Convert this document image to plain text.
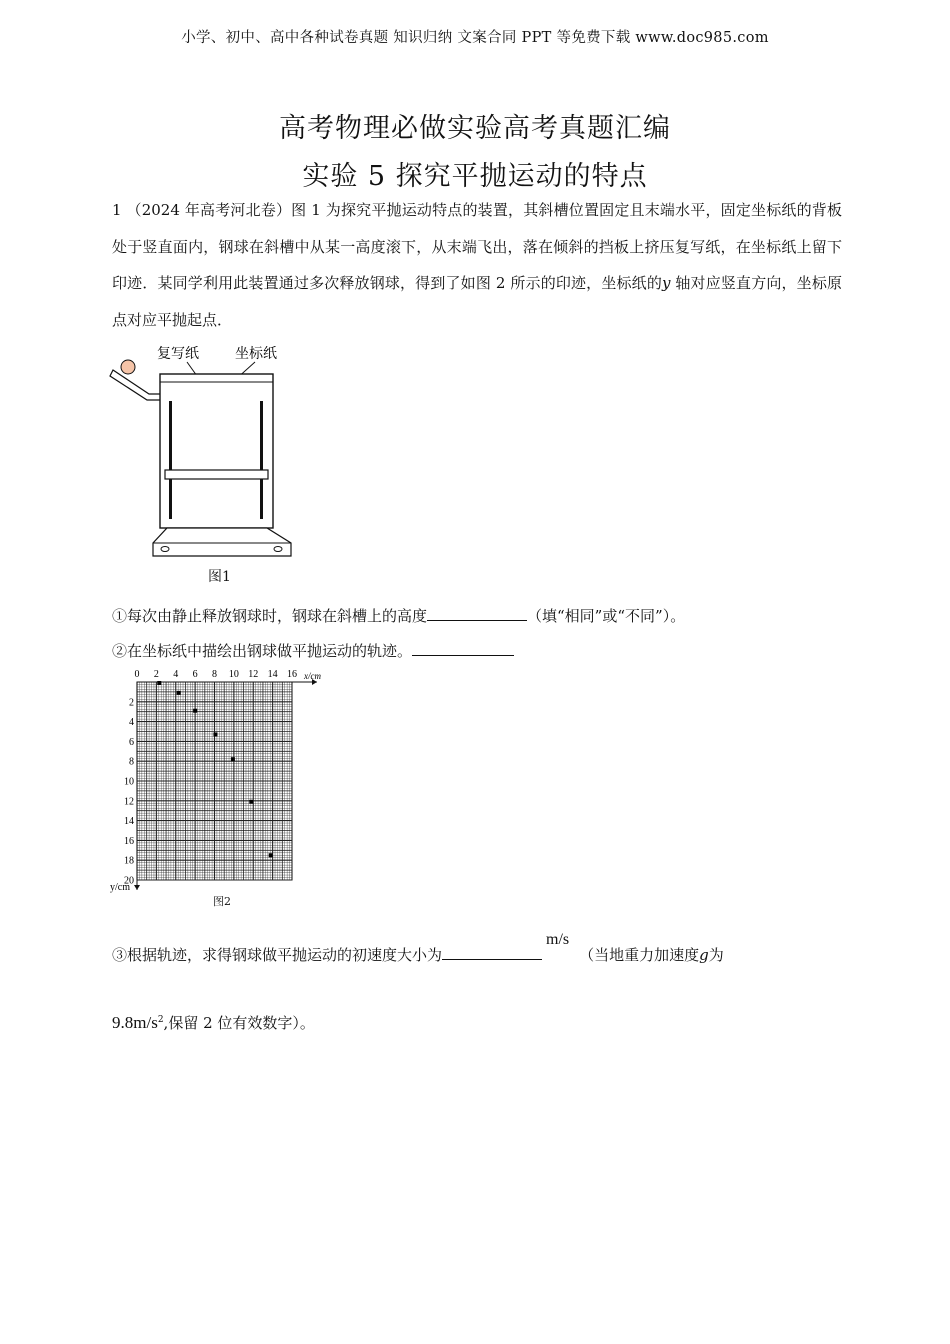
小学、初中、高中各种试卷真题 知识归纳 文案合同 PPT 等免费下载 www.doc985.com
高考物理必做实验高考真题汇编
实验 5 探究平抛运动的特点
1 （2024 年高考河北卷）图 1 为探究平抛运动特点的装置，其斜槽位置固定且末端水平，固定坐标纸的背板处于竖直面内，钢球在斜槽中从某一高度滚下，从末端飞出，落在倾斜的挡板上挤压复写纸，在坐标纸上留下印迹．某同学利用此装置通过多次释放钢球，得到了如图 2 所示的印迹，坐标纸的y 轴对应竖直方向，坐标原点对应平抛起点．
复写纸	坐标纸
图1
①每次由静止释放钢球时，钢球在斜槽上的高度	（填“相同”或“不同”）。
②在坐标纸中描绘出钢球做平抛运动的轨迹。
x/cm
y/cm
0 2 4 6 8 10 12 14 16
2
4
6
8
10
12
14
16
18
20
图2
③根据轨迹，求得钢球做平抛运动的初速度大小为m/s（当地重力加速度g为
$9.8m/s^2$,保留 2 位有效数字）。
